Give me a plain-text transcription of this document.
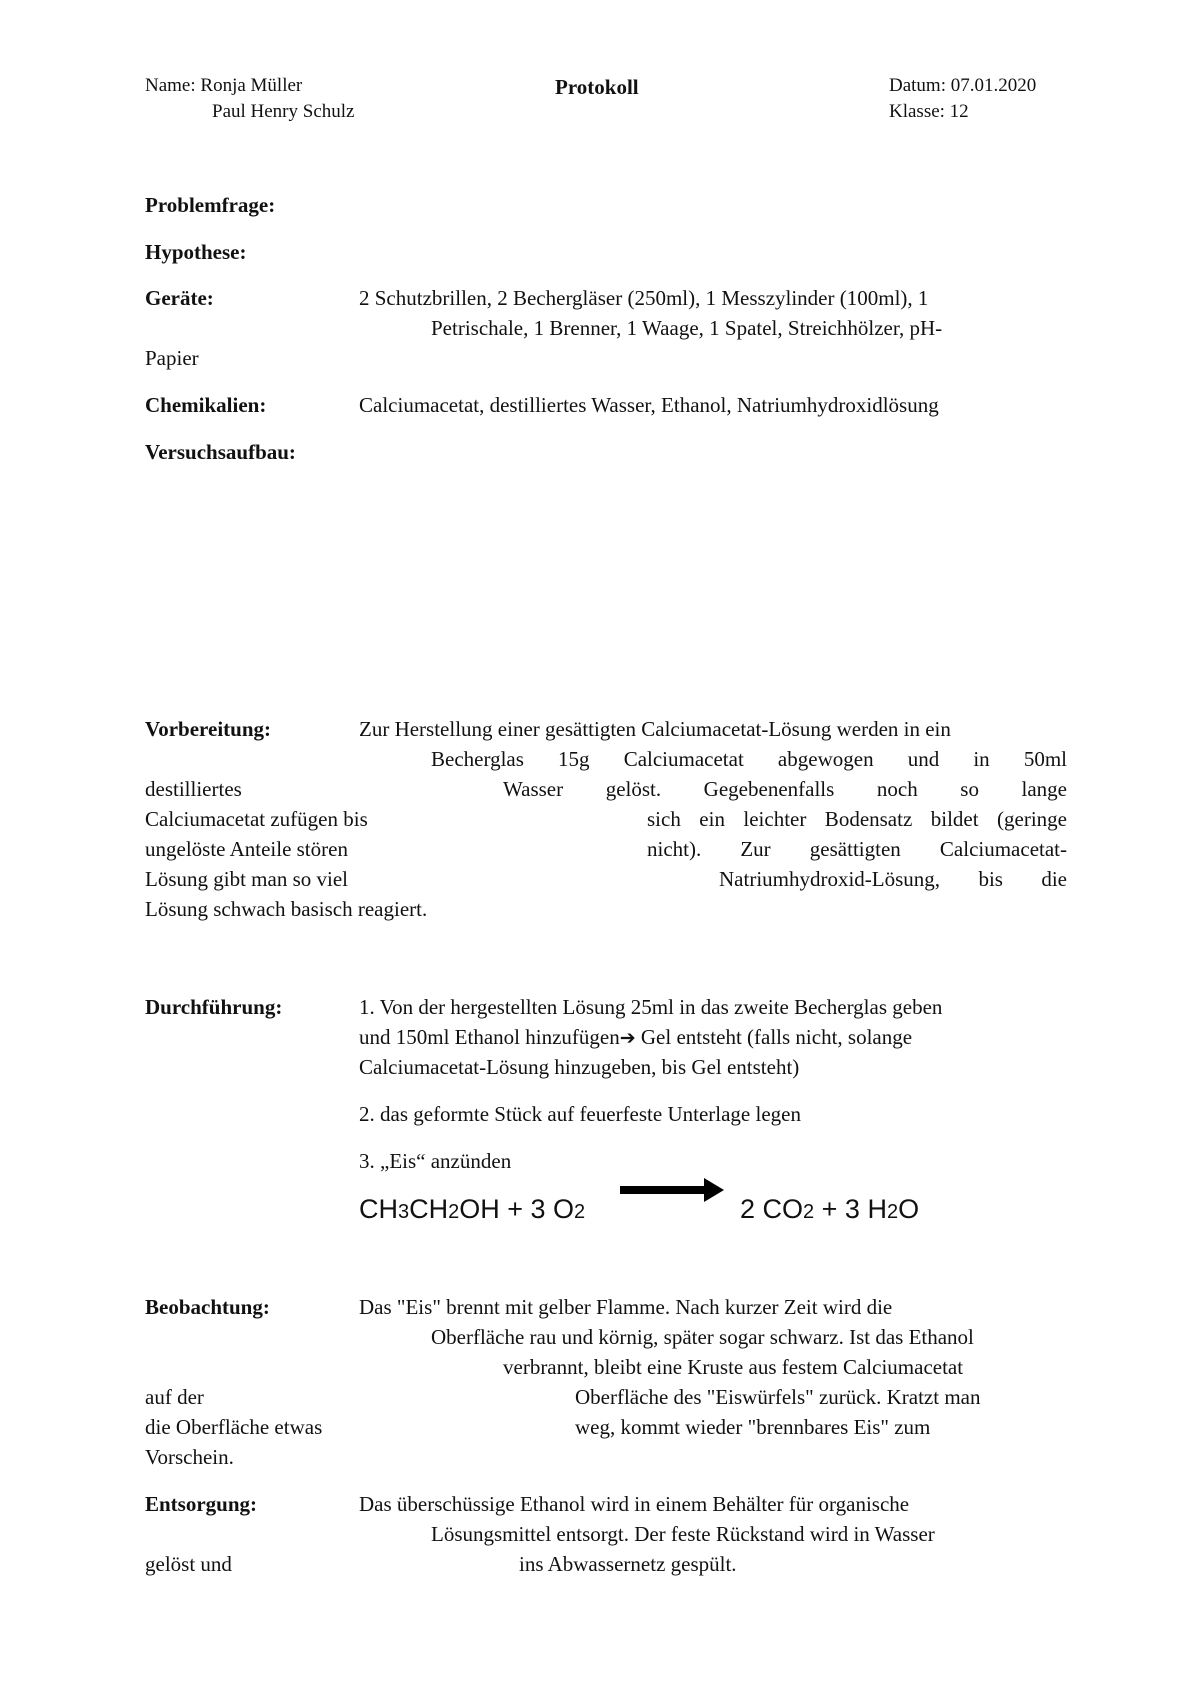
Name: Ronja Müller
Paul Henry Schulz
Protokoll	Datum: 07.01.2020
Klasse: 12
Problemfrage:
Hypothese:
Geräte:	2 Schutzbrillen, 2 Bechergläser (250ml), 1 Messzylinder (100ml), 1
Petrischale, 1 Brenner, 1 Waage, 1 Spatel, Streichhölzer, pH-
Papier
Chemikalien:	Calciumacetat, destilliertes Wasser, Ethanol, Natriumhydroxidlösung
Versuchsaufbau:
Vorbereitung:	Zur Herstellung einer gesättigten Calciumacetat-Lösung werden in ein
Becherglas 15g Calciumacetat abgewogen und in 50ml
destilliertes	Wasser gelöst. Gegebenenfalls noch so lange
Calciumacetat zufügen bis	sich ein leichter Bodensatz bildet (geringe
ungelöste Anteile stören	nicht). Zur gesättigten Calciumacetat-
Lösung gibt man so viel	Natriumhydroxid-Lösung, bis die
Lösung schwach basisch reagiert.
Durchführung:	1. Von der hergestellten Lösung 25ml in das zweite Becherglas geben
und 150ml Ethanol hinzufügen➔ Gel entsteht (falls nicht, solange
Calciumacetat-Lösung hinzugeben, bis Gel entsteht)
2. das geformte Stück auf feuerfeste Unterlage legen
3. „Eis“ anzünden
CH3CH2OH + 3 O2	2 CO2 + 3 H2O
Beobachtung:	Das "Eis" brennt mit gelber Flamme. Nach kurzer Zeit wird die
Oberfläche rau und körnig, später sogar schwarz. Ist das Ethanol
verbrannt, bleibt eine Kruste aus festem Calciumacetat
auf der	Oberfläche des "Eiswürfels" zurück. Kratzt man
die Oberfläche etwas	weg, kommt wieder "brennbares Eis" zum
Vorschein.
Entsorgung:	Das überschüssige Ethanol wird in einem Behälter für organische
Lösungsmittel entsorgt. Der feste Rückstand wird in Wasser
gelöst und	ins Abwassernetz gespült.
